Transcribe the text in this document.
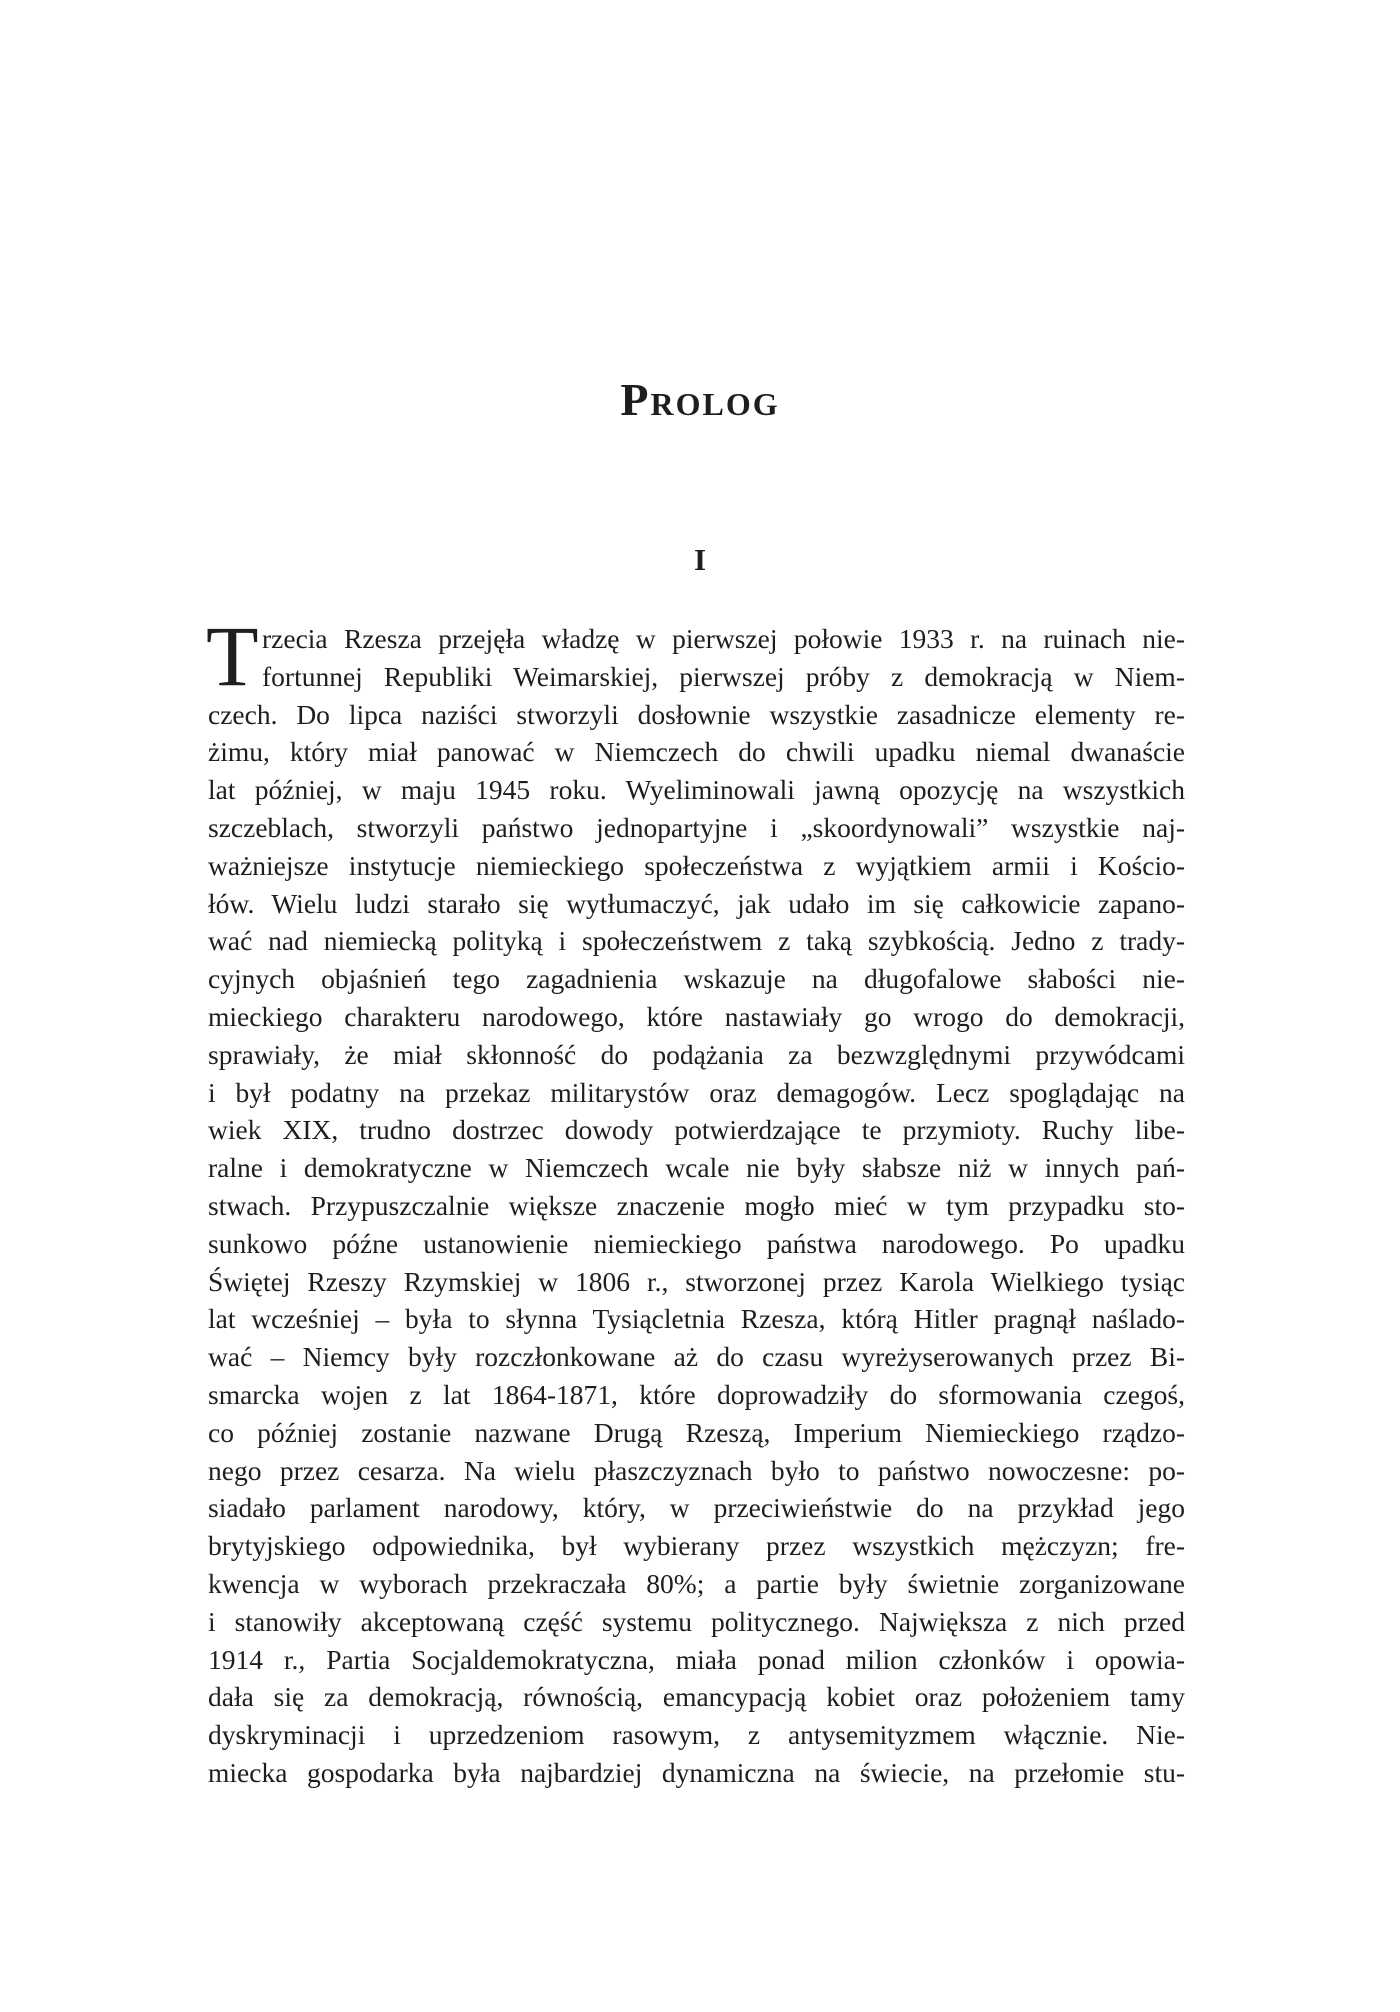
Prolog
I
T rzecia Rzesza przejęła władzę w pierwszej połowie 1933 r. na ruinach nie-
fortunnej Republiki Weimarskiej, pierwszej próby z demokracją w Niem-
czech. Do lipca naziści stworzyli dosłownie wszystkie zasadnicze elementy re-
żimu, który miał panować w Niemczech do chwili upadku niemal dwanaście
lat później, w maju 1945 roku. Wyeliminowali jawną opozycję na wszystkich
szczeblach, stworzyli państwo jednopartyjne i „skoordynowali” wszystkie naj-
ważniejsze instytucje niemieckiego społeczeństwa z wyjątkiem armii i Kościo-
łów. Wielu ludzi starało się wytłumaczyć, jak udało im się całkowicie zapano-
wać nad niemiecką polityką i społeczeństwem z taką szybkością. Jedno z trady-
cyjnych objaśnień tego zagadnienia wskazuje na długofalowe słabości nie-
mieckiego charakteru narodowego, które nastawiały go wrogo do demokracji,
sprawiały, że miał skłonność do podążania za bezwzględnymi przywódcami
i był podatny na przekaz militarystów oraz demagogów. Lecz spoglądając na
wiek XIX, trudno dostrzec dowody potwierdzające te przymioty. Ruchy libe-
ralne i demokratyczne w Niemczech wcale nie były słabsze niż w innych pań-
stwach. Przypuszczalnie większe znaczenie mogło mieć w tym przypadku sto-
sunkowo późne ustanowienie niemieckiego państwa narodowego. Po upadku
Świętej Rzeszy Rzymskiej w 1806 r., stworzonej przez Karola Wielkiego tysiąc
lat wcześniej – była to słynna Tysiącletnia Rzesza, którą Hitler pragnął naślado-
wać – Niemcy były rozczłonkowane aż do czasu wyreżyserowanych przez Bi-
smarcka wojen z lat 1864-1871, które doprowadziły do sformowania czegoś,
co później zostanie nazwane Drugą Rzeszą, Imperium Niemieckiego rządzo-
nego przez cesarza. Na wielu płaszczyznach było to państwo nowoczesne: po-
siadało parlament narodowy, który, w przeciwieństwie do na przykład jego
brytyjskiego odpowiednika, był wybierany przez wszystkich mężczyzn; fre-
kwencja w wyborach przekraczała 80%; a partie były świetnie zorganizowane
i stanowiły akceptowaną część systemu politycznego. Największa z nich przed
1914 r., Partia Socjaldemokratyczna, miała ponad milion członków i opowia-
dała się za demokracją, równością, emancypacją kobiet oraz położeniem tamy
dyskryminacji i uprzedzeniom rasowym, z antysemityzmem włącznie. Nie-
miecka gospodarka była najbardziej dynamiczna na świecie, na przełomie stu-
